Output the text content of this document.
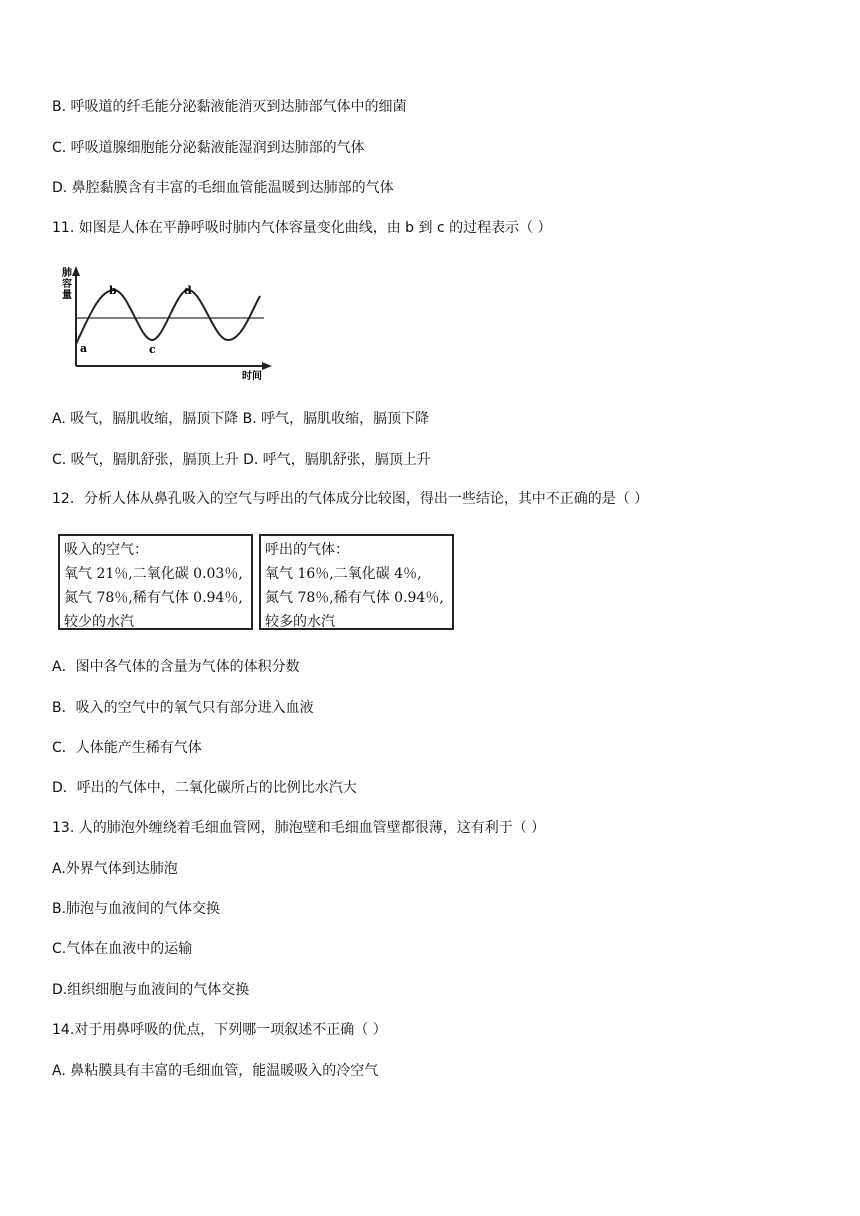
B. 呼吸道的纤毛能分泌黏液能消灭到达肺部气体中的细菌
C. 呼吸道腺细胞能分泌黏液能湿润到达肺部的气体
D. 鼻腔黏膜含有丰富的毛细血管能温暖到达肺部的气体
11. 如图是人体在平静呼吸时肺内气体容量变化曲线，由 b 到 c 的过程表示（ ）
肺
容
量
a
b
c
d
时间
A. 吸气，膈肌收缩，膈顶下降 B. 呼气，膈肌收缩，膈顶下降
C. 吸气，膈肌舒张，膈顶上升 D. 呼气，膈肌舒张，膈顶上升
12．分析人体从鼻孔吸入的空气与呼出的气体成分比较图，得出一些结论，其中不正确的是（ ）
吸入的空气：
氧气 21％,二氧化碳 0.03％,
氮气 78％,稀有气体 0.94％,
较少的水汽
呼出的气体：
氧气 16％,二氧化碳 4％,
氮气 78％,稀有气体 0.94％,
较多的水汽
A．图中各气体的含量为气体的体积分数
B．吸入的空气中的氧气只有部分进入血液
C．人体能产生稀有气体
D．呼出的气体中，二氧化碳所占的比例比水汽大
13. 人的肺泡外缠绕着毛细血管网，肺泡壁和毛细血管壁都很薄，这有利于（ ）
A.外界气体到达肺泡
B.肺泡与血液间的气体交换
C.气体在血液中的运输
D.组织细胞与血液间的气体交换
14.对于用鼻呼吸的优点，下列哪一项叙述不正确（ ）
A. 鼻粘膜具有丰富的毛细血管，能温暖吸入的冷空气
